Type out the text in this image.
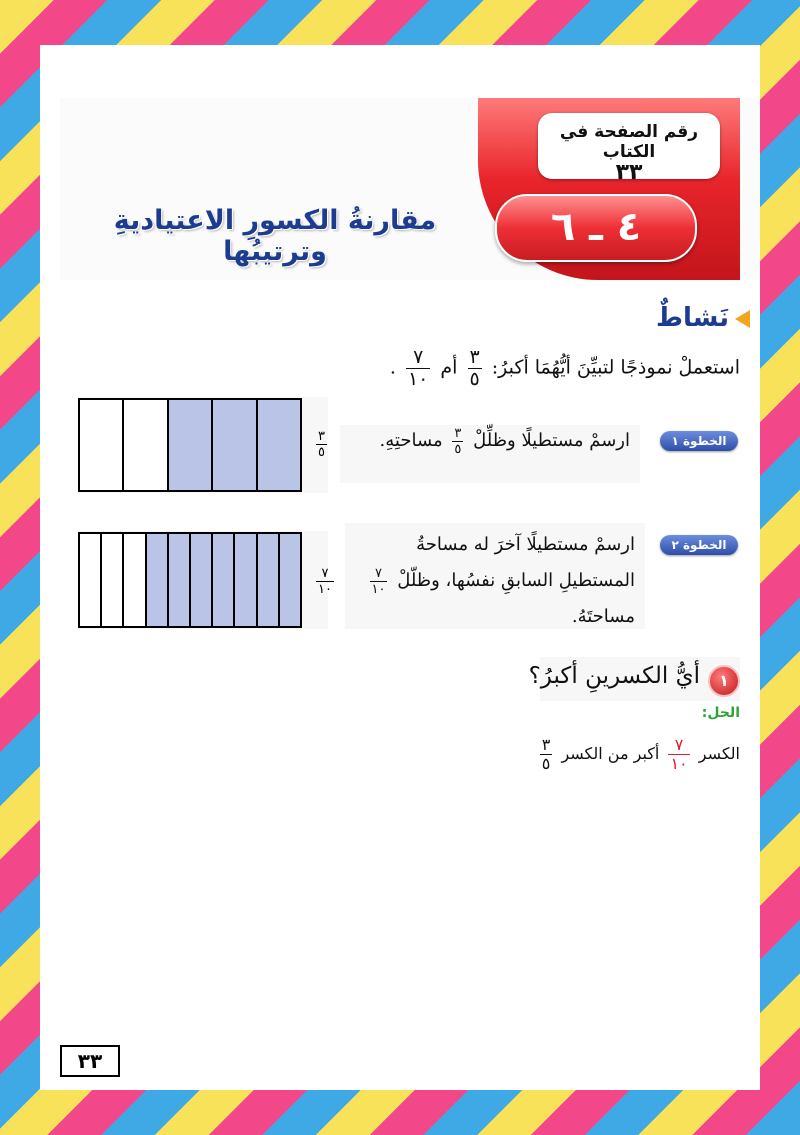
رقم الصفحة في الكتاب
٣٣
٤ ـ ٦
مقارنةُ الكسورِ الاعتياديةِ وترتيبُها
نَشاطٌ
استعملْ نموذجًا لتبيِّنَ أيُّهُمَا أكبرُ:
$\frac{٣}{٥}$
أم
$\frac{٧}{١٠}$
.
الخطوة ١
ارسمْ مستطيلًا وظلِّلْ
$\frac{٣}{٥}$
مساحتِهِ.
$\frac{٣}{٥}$
الخطوة ٢
ارسمْ مستطيلًا آخرَ له مساحةُ
المستطيلِ السابقِ نفسُها، وظلّلْ
$\frac{٧}{١٠}$
مساحتَهُ.
$\frac{٧}{١٠}$
١
أيُّ الكسرينِ أكبرُ؟
الحل:
الكسر
$\frac{٧}{١٠}$
أكبر من الكسر
$\frac{٣}{٥}$
٣٣
